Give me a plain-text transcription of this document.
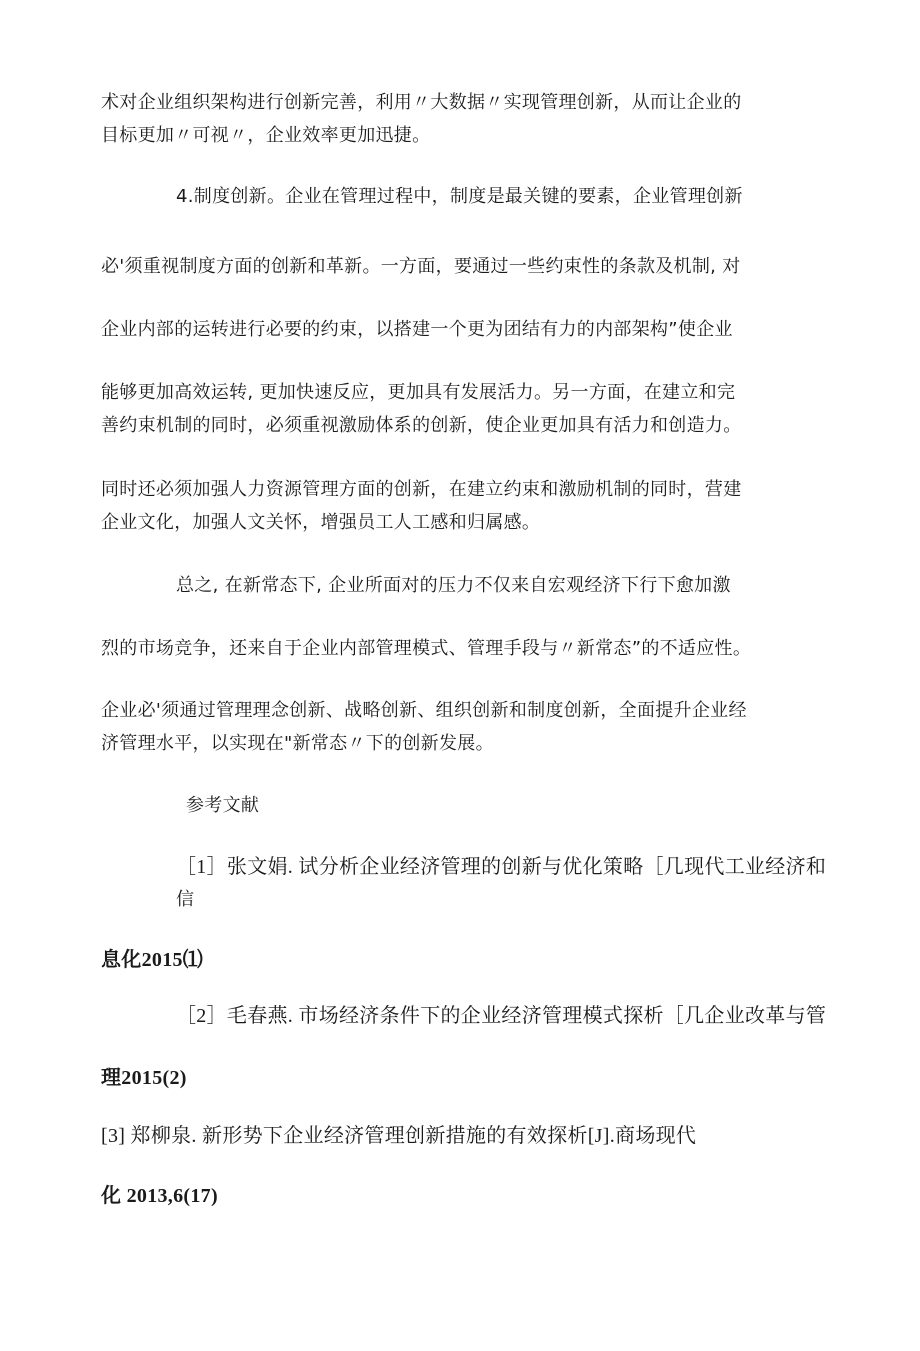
术对企业组织架构进行创新完善，利用〃大数据〃实现管理创新，从而让企业的
目标更加〃可视〃，企业效率更加迅捷。
4.制度创新。企业在管理过程中，制度是最关键的要素，企业管理创新
必'须重视制度方面的创新和革新。一方面，要通过一些约束性的条款及机制, 对
企业内部的运转进行必要的约束，以搭建一个更为团结有力的内部架构”使企业
能够更加高效运转, 更加快速反应，更加具有发展活力。另一方面，在建立和完
善约束机制的同时，必须重视激励体系的创新，使企业更加具有活力和创造力。
同时还必须加强人力资源管理方面的创新，在建立约束和激励机制的同时，营建
企业文化，加强人文关怀，增强员工人工感和归属感。
总之, 在新常态下, 企业所面对的压力不仅来自宏观经济下行下愈加激
烈的市场竞争，还来自于企业内部管理模式、管理手段与〃新常态”的不适应性。
企业必'须通过管理理念创新、战略创新、组织创新和制度创新，全面提升企业经
济管理水平，以实现在"新常态〃下的创新发展。
参考文献
［1］张文娟. 试分析企业经济管理的创新与优化策略［几现代工业经济和
信
息化2015⑴
［2］毛春燕. 市场经济条件下的企业经济管理模式探析［几企业改革与管
理2015(2)
[3] 郑柳泉. 新形势下企业经济管理创新措施的有效探析[J].商场现代
化 2013,6(17)
